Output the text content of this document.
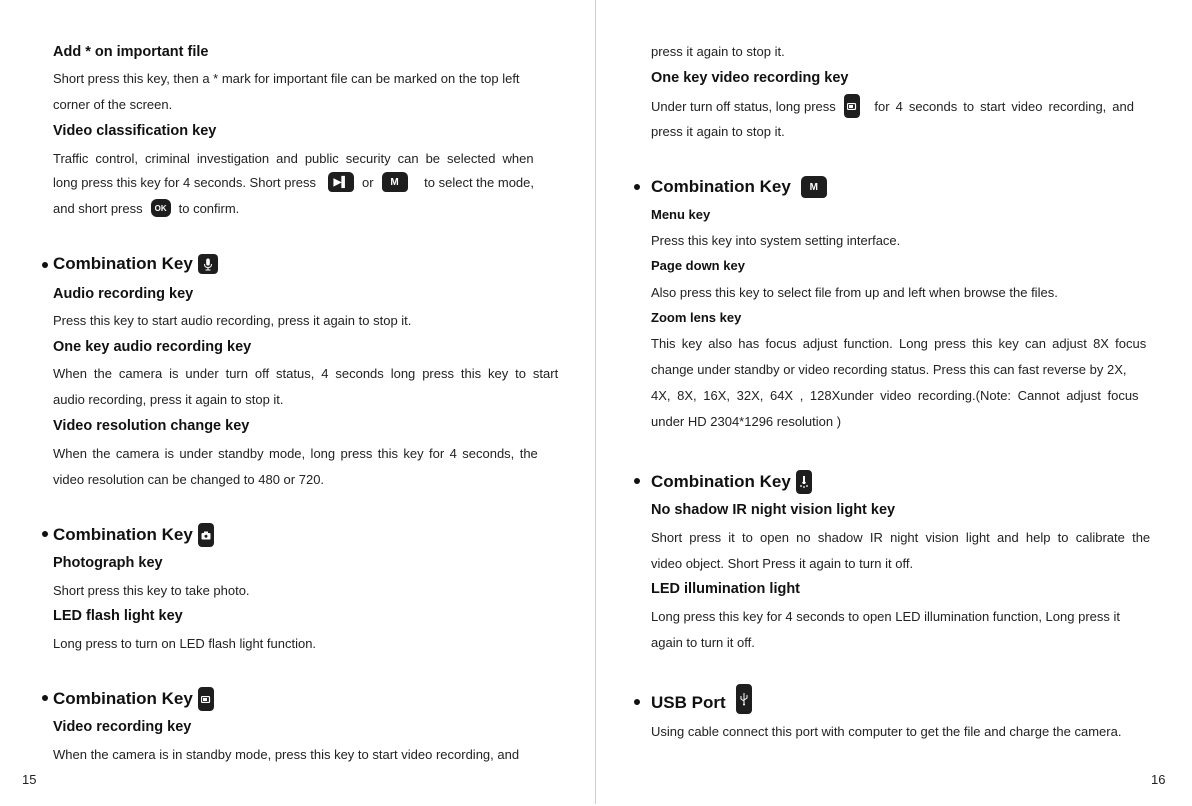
Add * on important file
Short press this key, then a * mark for important file can be marked on the top left
corner of the screen.
Video classification key
Traffic control, criminal investigation and public security can be selected when
long press this key for 4 seconds. Short press	▶▌	or	M	to select the mode,
and short press	OK to confirm.
Combination Key
Audio recording key
Press this key to start audio recording, press it again to stop it.
One key audio recording key
When the camera is under turn off status, 4 seconds long press this key to start
audio recording, press it again to stop it.
Video resolution change key
When the camera is under standby mode, long press this key for 4 seconds, the
video resolution can be changed to 480 or 720.
Combination Key
Photograph key
Short press this key to take photo.
LED flash light key
Long press to turn on LED flash light function.
Combination Key
Video recording key
When the camera is in standby mode, press this key to start video recording, and
15
press it again to stop it.
One key video recording key
Under turn off status, long press	for 4 seconds to start video recording, and
press it again to stop it.
Combination Key	M
Menu key
Press this key into system setting interface.
Page down key
Also press this key to select file from up and left when browse the files.
Zoom lens key
This key also has focus adjust function. Long press this key can adjust 8X focus
change under standby or video recording status. Press this can fast reverse by 2X,
4X, 8X, 16X, 32X, 64X , 128Xunder video recording.(Note: Cannot adjust focus
under HD 2304*1296 resolution )
Combination Key
No shadow IR night vision light key
Short press it to open no shadow IR night vision light and help to calibrate the
video object. Short Press it again to turn it off.
LED illumination light
Long press this key for 4 seconds to open LED illumination function, Long press it
again to turn it off.
USB Port
Using cable connect this port with computer to get the file and charge the camera.
16
